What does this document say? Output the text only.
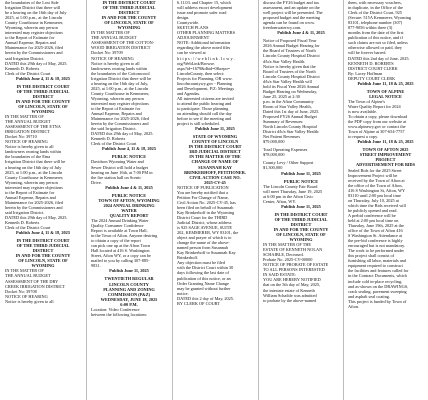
the boundaries of the Lost Side
Irrigation District that there will
be a hearing on the 16th day of July
2025, at 1:00 p.m., at the Lincoln
County Courthouse in Kemmerer,
Wyoming, wherein any person
interested may register objections
to the Report of Estimate for
Annual Expense, Repairs and
Maintenance for 2025-2026, filed
herein by the Commissioners and
said Irrigation District.
DATED this 29th day of May, 2025.
Kenneth D. Roberts
Clerk of the District Court
Publish June 4, 11 & 18, 2025
IN THE DISTRICT COURT
OF THE THIRD JUDICIAL
DISTRICT
IN AND FOR THE COUNTY
OF LINCOLN, STATE OF
WYOMING
IN THE MATTER OF
THE ANNUAL BUDGET
ASSESSMENT OF THE ETNA
IRRIGATION DISTRICT
Docket No: 39710
NOTICE OF HEARING
Notice is hereby given to all
landowners owning lands within
the boundaries of the Etna
Irrigation District that there will be
a hearing on the 16th day of July
2025, at 1:00 p.m., at the Lincoln
County Courthouse in Kemmerer,
Wyoming, wherein any person
interested may register objections
to the Report of Estimate for
Annual Expense, Repairs and
Maintenance for 2025-2026, filed
herein by the Commissioners and
said Irrigation District.
DATED this 29th day of May, 2025.
Kenneth D. Roberts
Clerk of the District Court
Publish June 4, 11 & 18, 2025
IN THE DISTRICT COURT
OF THE THIRD JUDICIAL
DISTRICT
IN AND FOR THE COUNTY
OF LINCOLN, STATE OF
WYOMING
IN THE MATTER OF
THE ANNUAL BUDGET
ASSESSMENT OF THE DRY
CREEK IRRIGATION DISTRICT
Docket No: 39708
NOTICE OF HEARING
Notice is hereby given to all
IN THE DISTRICT COURT
OF THE THIRD JUDICIAL
DISTRICT
IN AND FOR THE COUNTY
OF LINCOLN, STATE OF
WYOMING
IN THE MATTER OF
THE ANNUAL BUDGET
ASSESSMENT OF THE COTTON-
WOOD IRRIGATION DISTRICT
Docket No: 39709
NOTICE OF HEARING
Notice is hereby given to all
landowners owning lands within
the boundaries of the Cottonwood
Irrigation District that there will be
a hearing on the 16th day of July,
2025, at 1:00 p.m., at the Lincoln
County Courthouse in Kemmerer,
Wyoming, wherein any person
interested may register objections
to the Report of Estimate for
Annual Expense, Repairs and
Maintenance for 2025-2026, filed
herein by the Commissioners and
the said Irrigation District.
DATED this 29th day of May, 2025.
Kenneth D. Roberts
Clerk of the District Court
Publish June 4, 11 & 18, 2025
PUBLIC NOTICE
Davidson Wyoming Water and
Sewer District will hold a budget
hearing on June 16th, at 7:00 PM in
the fire station hall on Scenic
Drive.
Publish June 4 & 11, 2025
PUBLIC NOTICE
TOWN OF AFTON, WYOMING
2024 ANNUAL DRINKING
WATER
QUALITY REPORT
The 2024 Annual Drinking Water
Quality Consumer Confidence
Report is available at Town Hall,
in the Town of Afton. Anyone desiring
to obtain a copy of the report
can pick one up at the Afton Town
Hall located at 416 S. Washington
Street, Afton WY, or a copy can be
mailed to you by calling 307-885-
9831.
Publish June 11, 2025
TWENTIETH REGULAR
LINCOLN COUNTY
PLANNING AND ZONING
COMMISSION (P&Z)
WEDNESDAY, JUNE 18, 2025
6:00 P.M.
Location: Video Conference
between the following locations:
6.11.03. and Chapter 15, which
will address escort development
issue and promote safer road
design.
Countywide.
SKETCH PLANS
OTHER PLANNING MATTERS
ADJOURNMENT
NOTE: Additional information
regarding the above noted files
can be viewed at
h t t p s : / / w e b l i n k . l c w y .
org/WebLink/Browse.
aspx?id=1679&dbid=0&repo=
LincolnCounty, then select:
Projects for Planning, OR www.
lincolncountywy.gov - Planning
and Development, P/Z: Meetings
and Agendas.
All interested citizens are invited
to attend the public hearing and
to participate. Those planning
on attending should call the day
before to see if the meeting and
project is still scheduled.
Publish June 11, 2025
STATE OF WYOMING
COUNTY OF LINCOLN
IN THE DISTRICT COURT
3RD JUDICIAL DISTRICT
IN THE MATTER OF THE
CHANGE OF NAME OF
SUSANNAH KAY
BRINKERHOFF, PETITIONER.
CIVIL ACTION CASE NO.
2025-CV-45
NOTICE OF PUBLICATION
You are hereby notified that a
Petition For Change of Name,
Civil Action No. 2025-CV-45, has
been filed on behalf of Susannah
Kay Brinkerhoff in the Wyoming
District Court for the THIRD
Judicial District, whose address
is 925 SAGE AVENUE, SUITE
202, KEMMERER, WY 83101, the
object and prayer of which is to
change the name of the above-
named person from Susannah
Kay Brinkerhoff to Susannah Kay
Brinkerhoff.
Any objection must be filed
with the District Court within 30
days following the last date of
publication of this notice, or an
Order Granting Name Change
may be granted without further
notice.
DATED this 2 day of May, 2025.
BY CLERK OF COURT
discuss the FY26 budget and tax
assessment, and an update on the
well project will be presented. The
proposed budget and the meeting
agenda can be found on www.
freedomwaterwy.com.
Publish June 4 & 11, 2025
Notice of Proposed Fiscal Year
2026 Annual Budget Hearing for
the Board of Trustees of North
Lincoln County Hospital District
d/b/a Star Valley Health.
Notice is hereby given that the
Board of Trustees of the North
Lincoln County Hospital District
d/b/a Star Valley Health will
hold its Fiscal Year 2026 Annual
Budget Hearing on Wednesday,
June 25, 2025 at 2:30
p.m. in the Afton Community
Room of Star Valley Health,
Dated this 1st day of June, 2025.
Proposed FY26 Annual Budget
Summary of Revenues:
North Lincoln County Hospital
District d/b/a Star Valley Health:
Net Patient Revenues
$79,000,000
Total Operating Expenses
$78,000,000
County Levy / Other Support
$1,300,000
Publish June 11, 2025
PUBLIC NOTICE
The Lincoln County Fair Board
will meet Thursday, June 19, 2025
at 6:00 pm in the Afton Civic
Center, Afton, WY.
Publish June 11, 2025
IN THE DISTRICT COURT
OF THE THIRD JUDICIAL
DISTRICT
IN AND FOR THE COUNTY
OF LINCOLN, STATE OF
WYOMING
IN THE MATTER OF THE
ESTATE OF KENNETH NOLAN
SCHAIBLE, Deceased.
Probate No. 2025-CV-00000
NOTICE OF PROBATE OF ESTATE
TO ALL PERSONS INTERESTED
IN SAID ESTATE:
YOU ARE HEREBY NOTIFIED
that on the 5th day of May, 2025,
the intestate estate of Kenneth
William Schaible was admitted
to probate by the above-named
them, with necessary vouchers,
in duplicate, in the Office of the
Clerk of the District Court, 925
(Secure: 515A Kemmerer, Wyoming
83101, telephone number (307)
877-9056 within three (3)
months from the date of the first
publication of this notice, and if
such claims are not so filed, unless
otherwise allowed or paid, they
will be forever barred.
DATED this 2nd day of June, 2025.
KENNETH D. ROBERTS
DISTRICT COURT CLERK
By: Lacey Hoffman
DEPUTY COURT CLERK
Publish June 11, 18 & 25, 2025
TOWN OF ALPINE
LEGAL NOTICE
The Town of Alpine's
Water Quality Report for 2024
is now available.
To obtain a copy, please download
the PDF copy from our website at
www.alpinewy.gov or contact the
Town of Alpine at 307-654-7757
to request a copy.
Publish June 11, 18 & 25, 2025
TOWN OF AFTON 2025
STREET IMPROVEMENT
PROJECT
ADVERTISEMENT FOR BIDS
Sealed Bids for the 2025 Street
Improvement Project will be
received by the Town of Afton at
the office of the Town of Afton,
416 S Washington St, Afton, WY
83110 until 2:00 pm local time
on Thursday, July 10, 2025 at
which time the Bids received will
be publicly opened and read.
A prebid conference will be
held at 2:00 pm local time on
Thursday, June 19th, 2025 at the
office of the Town of Afton 416
S Washington St. Attendance at
the pre-bid conference is highly
encouraged but is not mandatory.
The work to be performed under
this project shall consist of
furnishing all labor, materials and
equipment required to construct
the facilities and features called for
in the Contract Documents, which
include cold in-place recycling,
and as-shown on the DRAWINGS,
crack sealing, pavement sweeping
and asphalt seal coating.
This project is funded by Town of
Afton.
